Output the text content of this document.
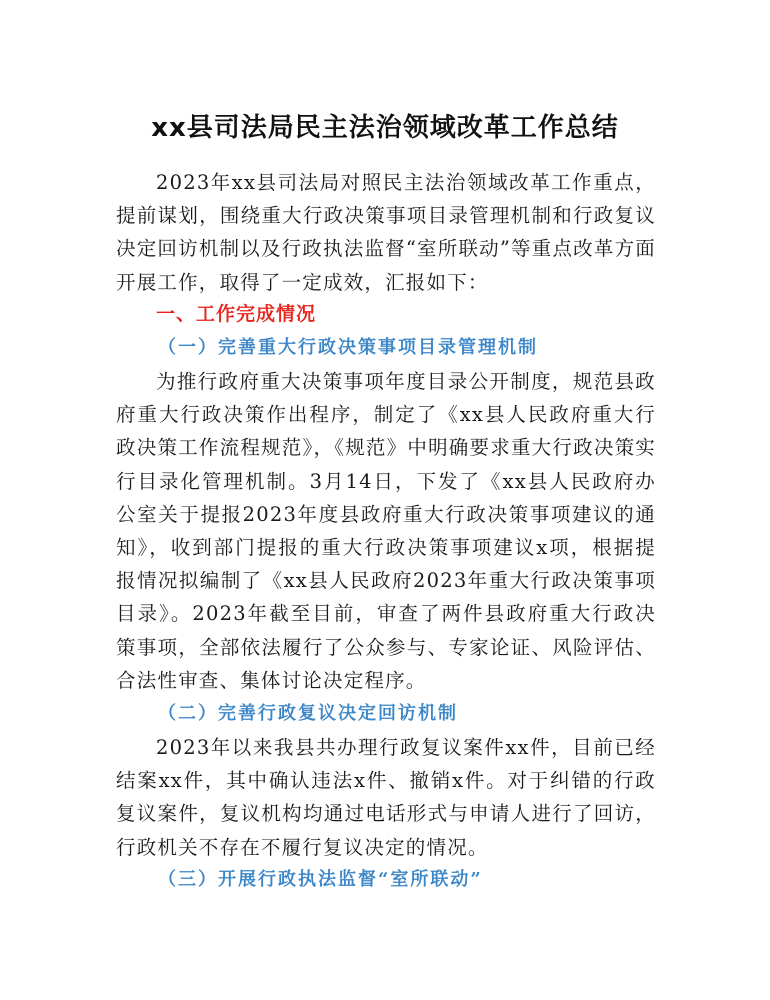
xx县司法局民主法治领域改革工作总结

2023年xx县司法局对照民主法治领域改革工作重点，提前谋划，围绕重大行政决策事项目录管理机制和行政复议决定回访机制以及行政执法监督“室所联动”等重点改革方面开展工作，取得了一定成效，汇报如下：

一、工作完成情况
（一）完善重大行政决策事项目录管理机制

为推行政府重大决策事项年度目录公开制度，规范县政府重大行政决策作出程序，制定了《xx县人民政府重大行政决策工作流程规范》，《规范》中明确要求重大行政决策实行目录化管理机制。3月14日，下发了《xx县人民政府办公室关于提报2023年度县政府重大行政决策事项建议的通知》，收到部门提报的重大行政决策事项建议x项，根据提报情况拟编制了《xx县人民政府2023年重大行政决策事项目录》。2023年截至目前，审查了两件县政府重大行政决策事项，全部依法履行了公众参与、专家论证、风险评估、合法性审查、集体讨论决定程序。

（二）完善行政复议决定回访机制

2023年以来我县共办理行政复议案件xx件，目前已经结案xx件，其中确认违法x件、撤销x件。对于纠错的行政复议案件，复议机构均通过电话形式与申请人进行了回访，行政机关不存在不履行复议决定的情况。

（三）开展行政执法监督“室所联动”
